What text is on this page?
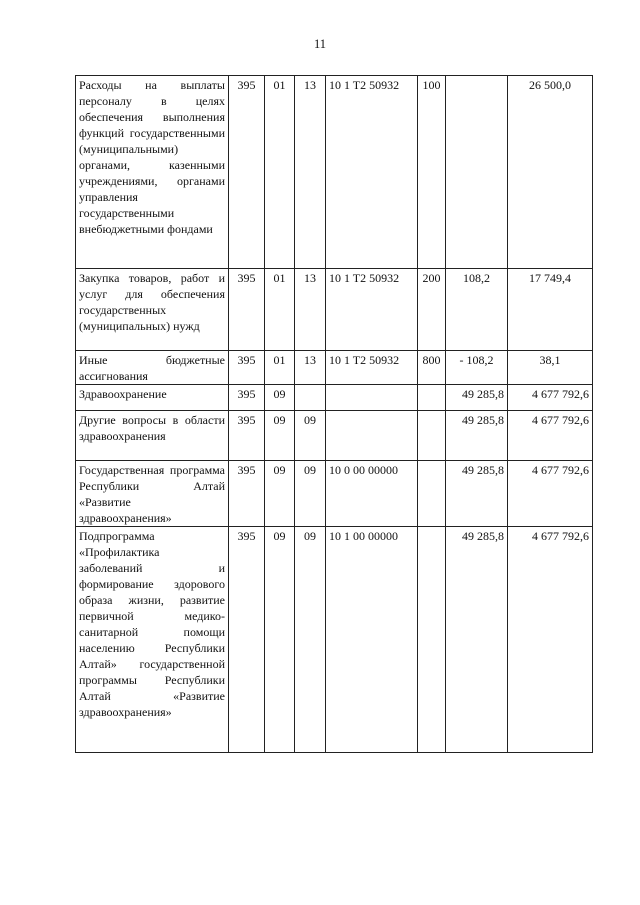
11
Расходы на выплаты персоналу в целях обеспечения выполнения функций государственными (муниципальными) органами, казенными учреждениями, органами управления государственными внебюджетными фондами	395	01	13	10 1 T2 50932	100		26 500,0
Закупка товаров, работ и услуг для обеспечения государственных (муниципальных) нужд	395	01	13	10 1 T2 50932	200	108,2	17 749,4
Иные бюджетные ассигнования	395	01	13	10 1 T2 50932	800	- 108,2	38,1
Здравоохранение	395	09				49 285,8	4 677 792,6
Другие вопросы в области здравоохранения	395	09	09			49 285,8	4 677 792,6
Государственная программа Республики Алтай «Развитие здравоохранения»	395	09	09	10 0 00 00000		49 285,8	4 677 792,6
Подпрограмма «Профилактика заболеваний и формирование здорового образа жизни, развитие первичной медико-санитарной помощи населению Республики Алтай» государственной программы Республики Алтай «Развитие здравоохранения»	395	09	09	10 1 00 00000		49 285,8	4 677 792,6
